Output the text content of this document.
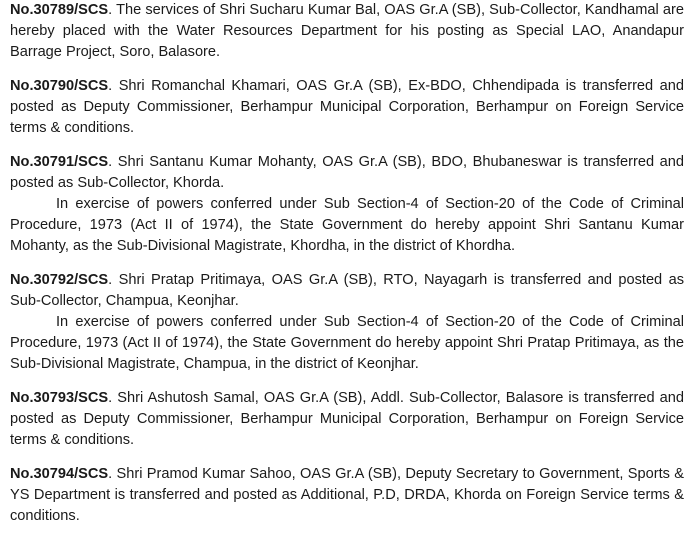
No.30789/SCS. The services of Shri Sucharu Kumar Bal, OAS Gr.A (SB), Sub-Collector, Kandhamal are hereby placed with the Water Resources Department for his posting as Special LAO, Anandapur Barrage Project, Soro, Balasore.

No.30790/SCS. Shri Romanchal Khamari, OAS Gr.A (SB), Ex-BDO, Chhendipada is transferred and posted as Deputy Commissioner, Berhampur Municipal Corporation, Berhampur on Foreign Service terms & conditions.

No.30791/SCS. Shri Santanu Kumar Mohanty, OAS Gr.A (SB), BDO, Bhubaneswar is transferred and posted as Sub-Collector, Khorda.

In exercise of powers conferred under Sub Section-4 of Section-20 of the Code of Criminal Procedure, 1973 (Act II of 1974), the State Government do hereby appoint Shri Santanu Kumar Mohanty, as the Sub-Divisional Magistrate, Khordha, in the district of Khordha.

No.30792/SCS. Shri Pratap Pritimaya, OAS Gr.A (SB), RTO, Nayagarh is transferred and posted as Sub-Collector, Champua, Keonjhar.

In exercise of powers conferred under Sub Section-4 of Section-20 of the Code of Criminal Procedure, 1973 (Act II of 1974), the State Government do hereby appoint Shri Pratap Pritimaya, as the Sub-Divisional Magistrate, Champua, in the district of Keonjhar.

No.30793/SCS. Shri Ashutosh Samal, OAS Gr.A (SB), Addl. Sub-Collector, Balasore is transferred and posted as Deputy Commissioner, Berhampur Municipal Corporation, Berhampur on Foreign Service terms & conditions.

No.30794/SCS. Shri Pramod Kumar Sahoo, OAS Gr.A (SB), Deputy Secretary to Government, Sports & YS Department is transferred and posted as Additional, P.D, DRDA, Khorda on Foreign Service terms & conditions.
